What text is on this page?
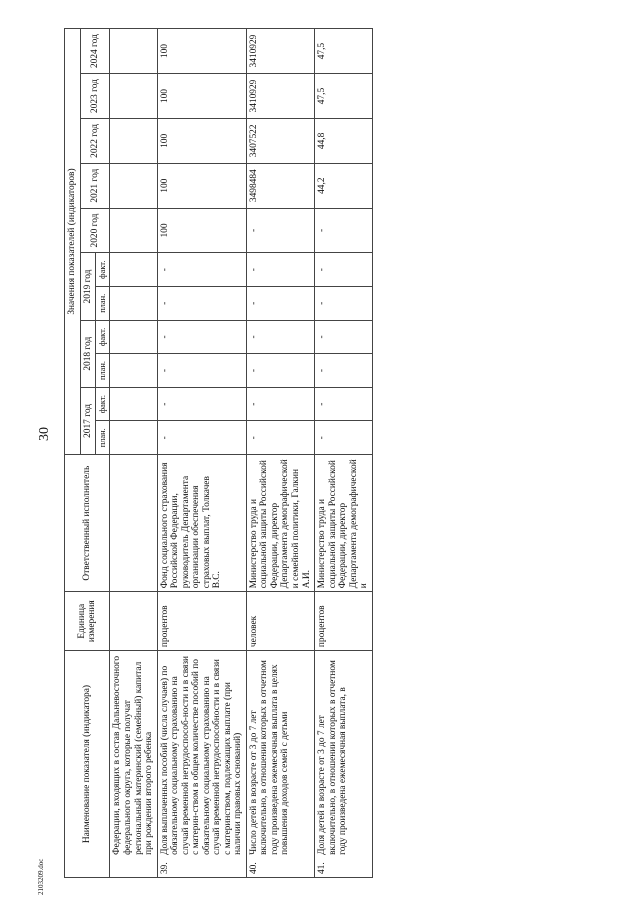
30
2103209.doc
Наименование показателя (индикатора)		Единица измерения	Ответственный исполнитель	Значения показателей (индикаторов)										
				2017 год		2018 год		2019 год		2020 год	2021 год	2022 год	2023 год	2024 год
				план.	факт.	план.	факт.	план.	факт.					
	Федерации, входящих в состав Дальневосточного федерального округа, которые получат региональный материнский (семейный) капитал при рождении второго ребенка													
39.	Доля выплаченных пособий (числа случаев) по обязательному социальному страхованию на случай временной нетрудоспособ-ности и в связи с материн-ством в общем количестве пособий по обязательному социальному страхованию на случай временной нетрудоспособности и в связи с материнством, подлежащих выплате (при наличии правовых оснований)	процентов	Фонд социального страхования Российской Федерации, руководитель Департамента организации обеспечения страховых выплат, Толкачев В.С.	-	-	-	-	-	-	100	100	100	100	100
40.	Число детей в возрасте от 3 до 7 лет включительно, в отношении которых в отчетном году произведена ежемесячная выплата в целях повышения доходов семей с детьми	человек	Министерство труда и социальной защиты Российской Федерации, директор Департамента демографической и семейной политики, Галкин А.И.	-	-	-	-	-	-	-	3498484	3407522	3410929	3410929
41.	Доля детей в возрасте от 3 до 7 лет включительно, в отношении которых в отчетном году произведена ежемесячная выплата, в	процентов	Министерство труда и социальной защиты Российской Федерации, директор Департамента демографической и	-	-	-	-	-	-	-	44,2	44,8	47,5	47,5
